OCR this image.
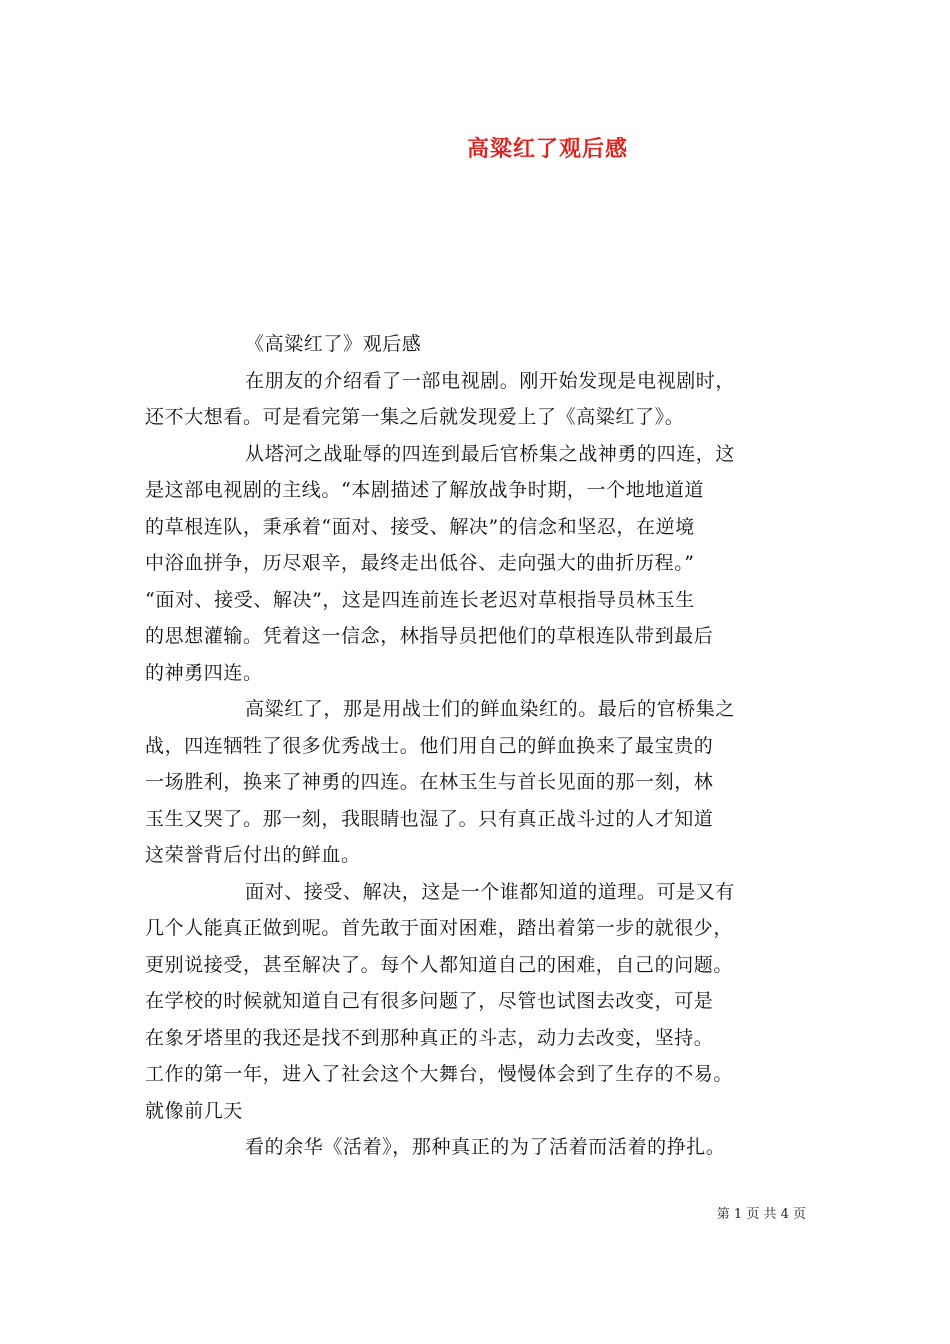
高粱红了观后感
《高粱红了》观后感
在朋友的介绍看了一部电视剧。刚开始发现是电视剧时，
还不大想看。可是看完第一集之后就发现爱上了《高粱红了》。
从塔河之战耻辱的四连到最后官桥集之战神勇的四连，这
是这部电视剧的主线。“本剧描述了解放战争时期，一个地地道道
的草根连队，秉承着“面对、接受、解决”的信念和坚忍，在逆境
中浴血拼争，历尽艰辛，最终走出低谷、走向强大的曲折历程。”
“面对、接受、解决”，这是四连前连长老迟对草根指导员林玉生
的思想灌输。凭着这一信念，林指导员把他们的草根连队带到最后
的神勇四连。
高粱红了，那是用战士们的鲜血染红的。最后的官桥集之
战，四连牺牲了很多优秀战士。他们用自己的鲜血换来了最宝贵的
一场胜利，换来了神勇的四连。在林玉生与首长见面的那一刻，林
玉生又哭了。那一刻，我眼睛也湿了。只有真正战斗过的人才知道
这荣誉背后付出的鲜血。
面对、接受、解决，这是一个谁都知道的道理。可是又有
几个人能真正做到呢。首先敢于面对困难，踏出着第一步的就很少，
更别说接受，甚至解决了。每个人都知道自己的困难，自己的问题。
在学校的时候就知道自己有很多问题了，尽管也试图去改变，可是
在象牙塔里的我还是找不到那种真正的斗志，动力去改变，坚持。
工作的第一年，进入了社会这个大舞台，慢慢体会到了生存的不易。
就像前几天
看的余华《活着》，那种真正的为了活着而活着的挣扎。
第 1 页 共 4 页
